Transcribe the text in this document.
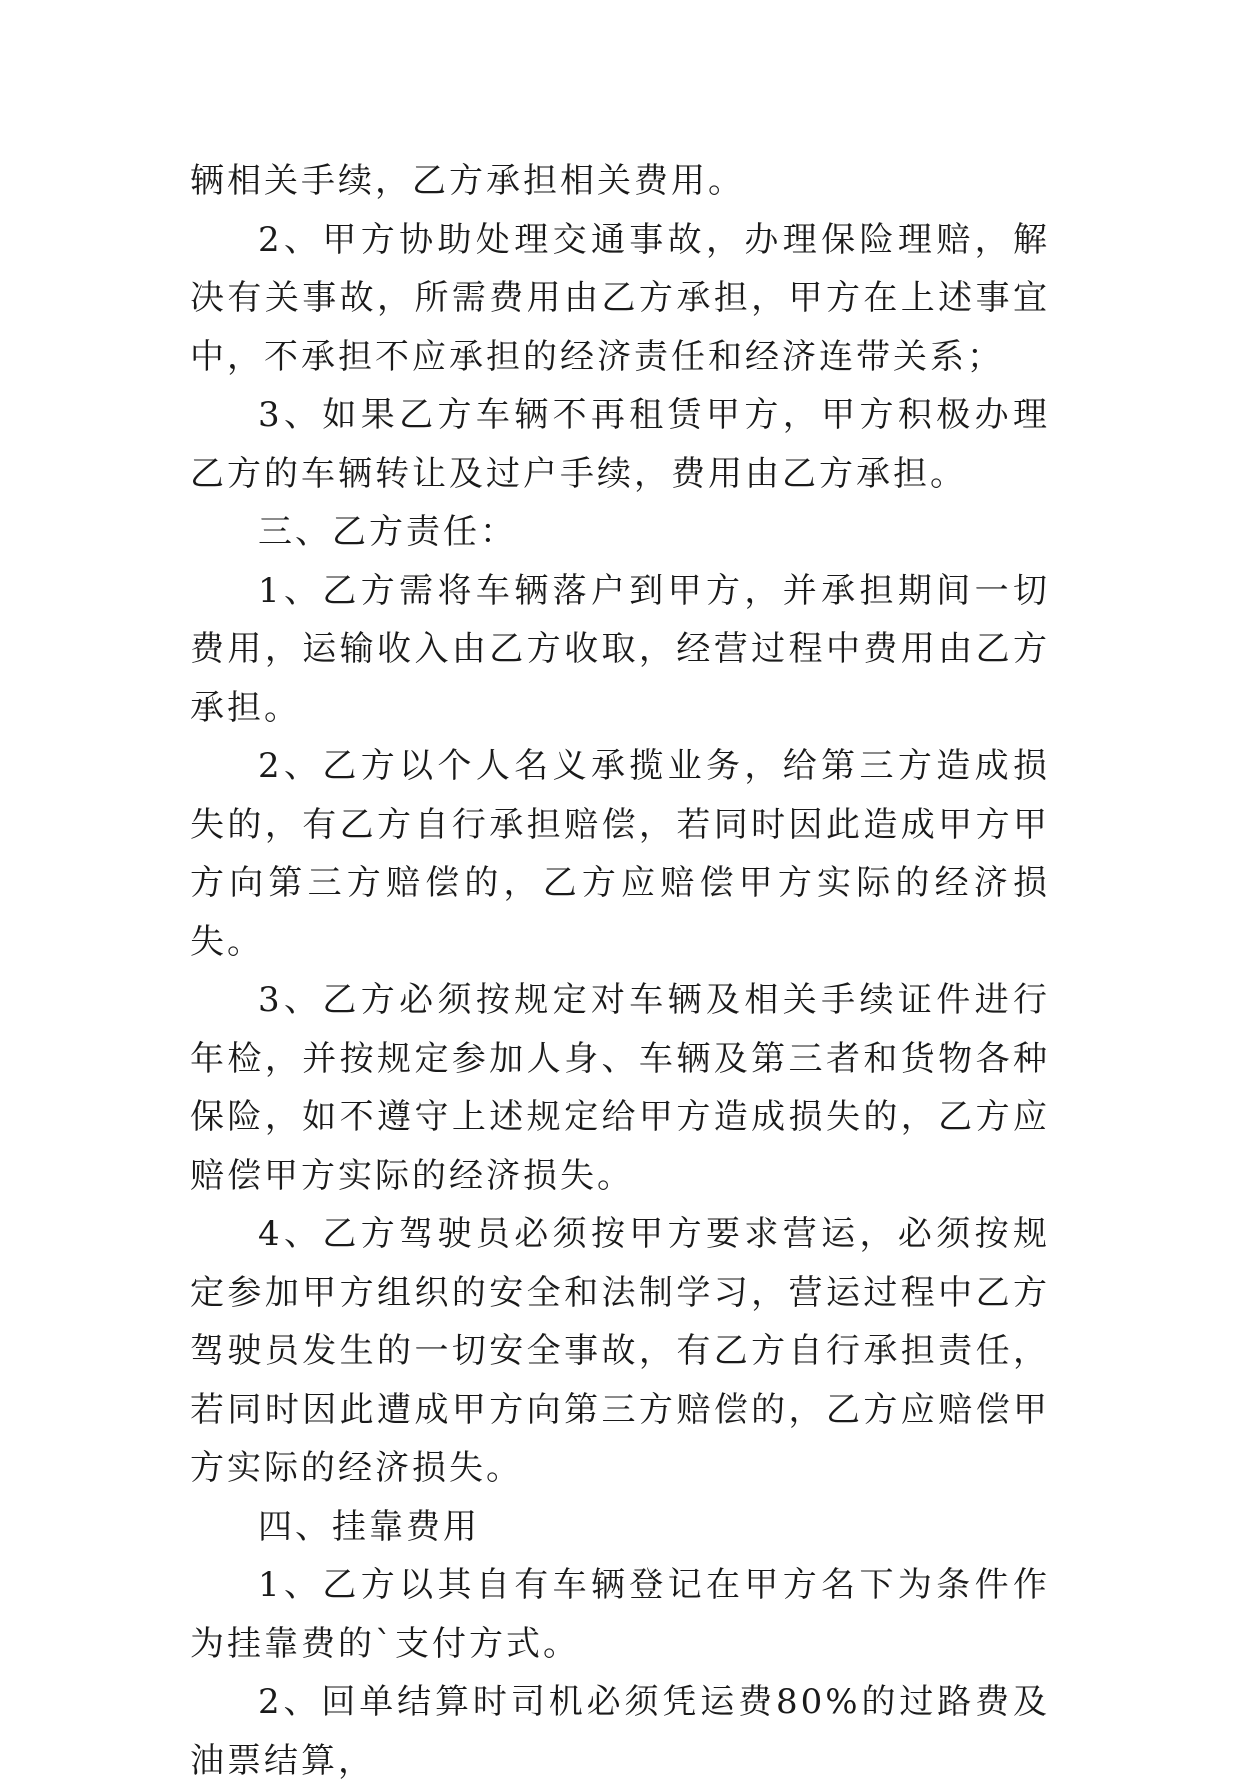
辆相关手续，乙方承担相关费用。

2、甲方协助处理交通事故，办理保险理赔，解决有关事故，所需费用由乙方承担，甲方在上述事宜中，不承担不应承担的经济责任和经济连带关系；

3、如果乙方车辆不再租赁甲方，甲方积极办理乙方的车辆转让及过户手续，费用由乙方承担。

三、乙方责任：

1、乙方需将车辆落户到甲方，并承担期间一切费用，运输收入由乙方收取，经营过程中费用由乙方承担。

2、乙方以个人名义承揽业务，给第三方造成损失的，有乙方自行承担赔偿，若同时因此造成甲方甲方向第三方赔偿的，乙方应赔偿甲方实际的经济损失。

3、乙方必须按规定对车辆及相关手续证件进行年检，并按规定参加人身、车辆及第三者和货物各种保险，如不遵守上述规定给甲方造成损失的，乙方应赔偿甲方实际的经济损失。

4、乙方驾驶员必须按甲方要求营运，必须按规定参加甲方组织的安全和法制学习，营运过程中乙方驾驶员发生的一切安全事故，有乙方自行承担责任，若同时因此遭成甲方向第三方赔偿的，乙方应赔偿甲方实际的经济损失。

四、挂靠费用

1、乙方以其自有车辆登记在甲方名下为条件作为挂靠费的`支付方式。

2、回单结算时司机必须凭运费80%的过路费及油票结算，
